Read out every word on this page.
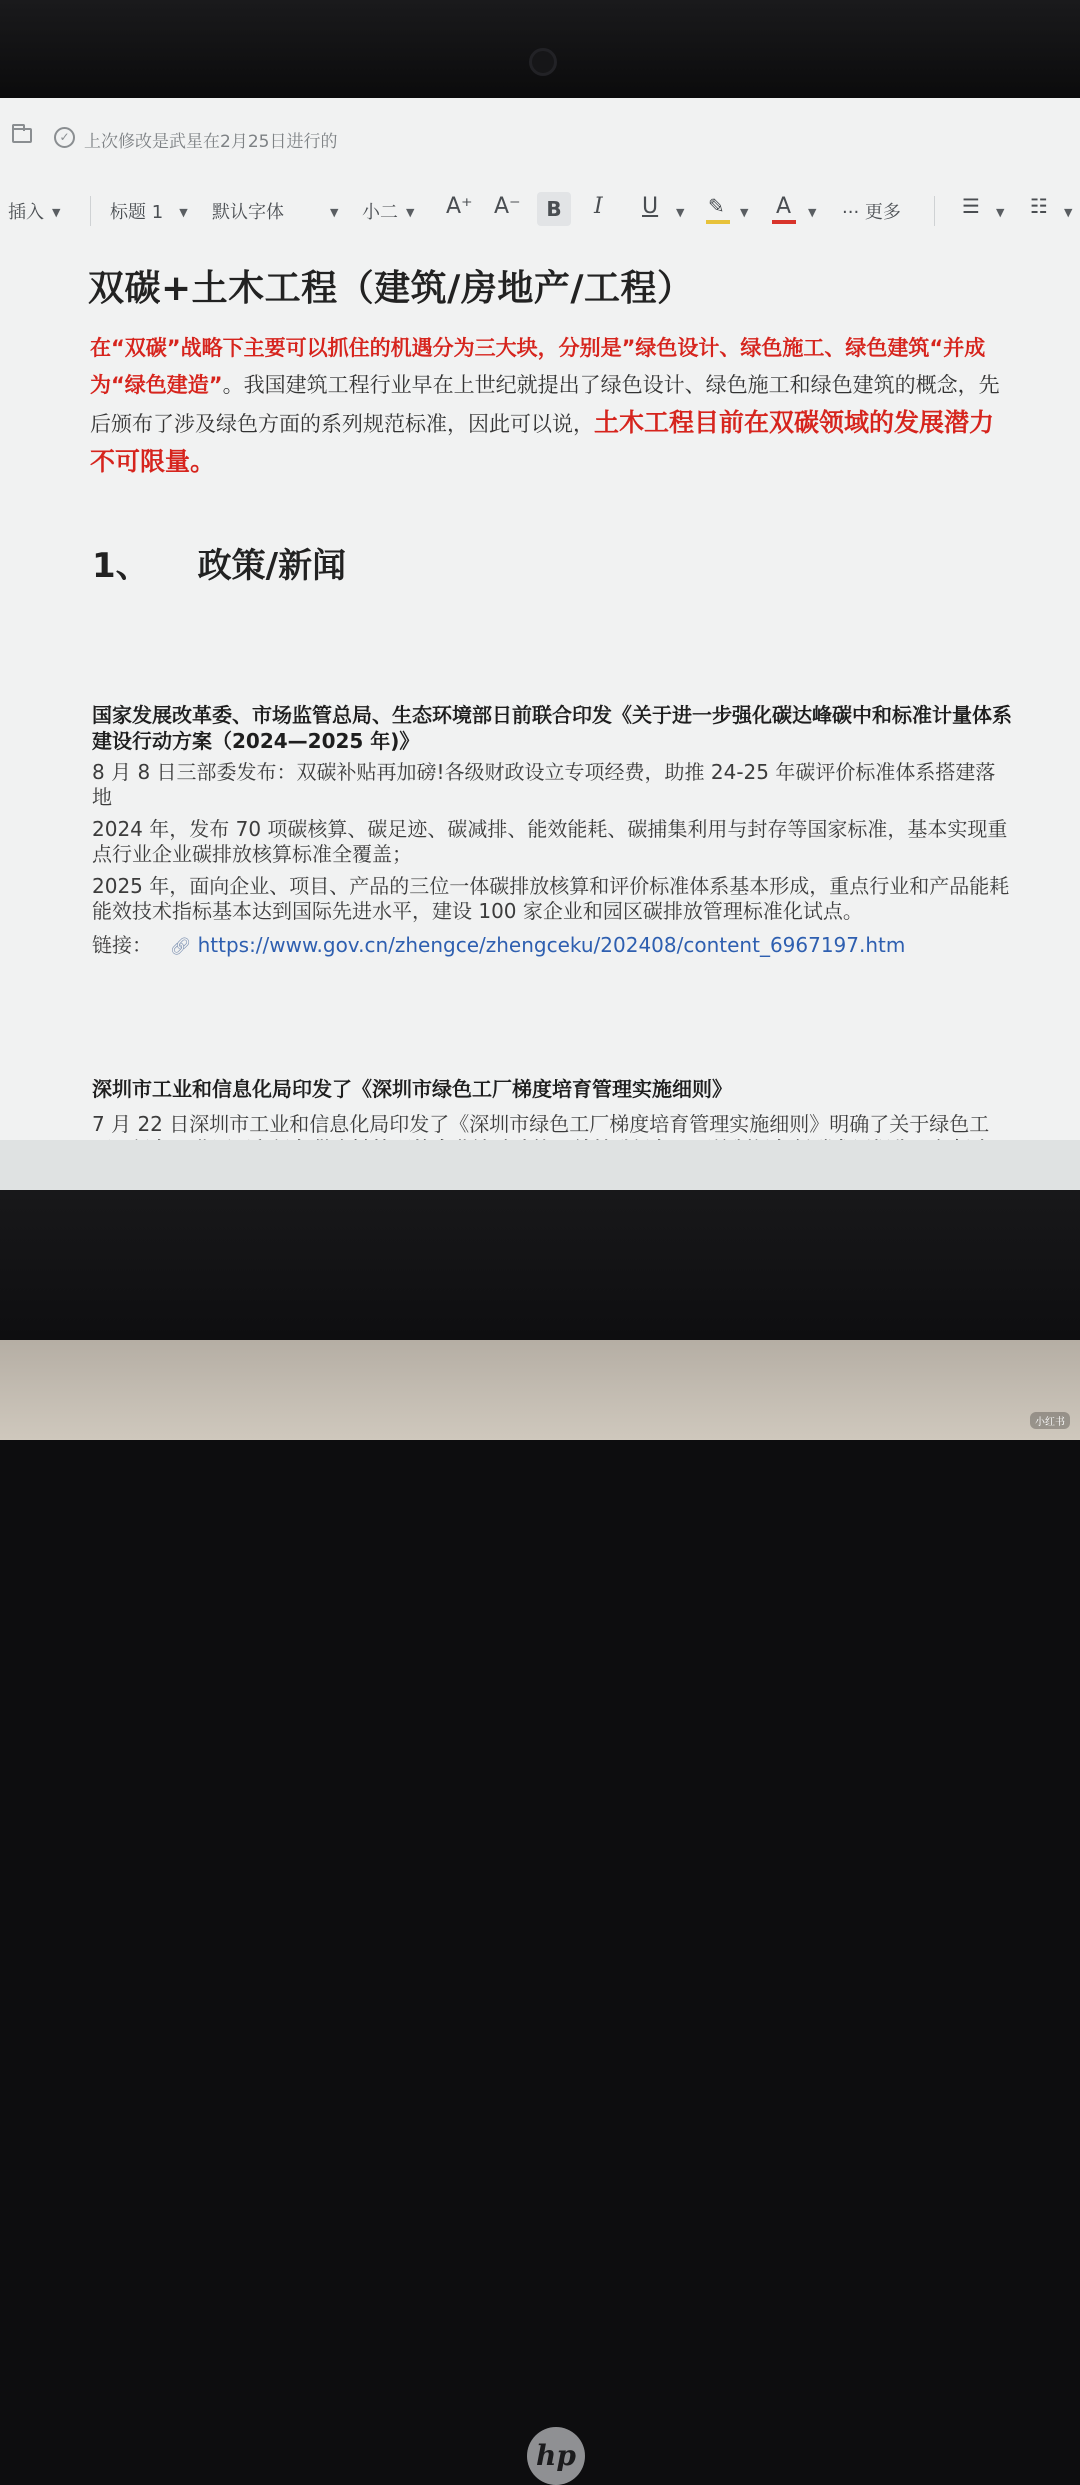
✓ 上次修改是武星在2月25日进行的
插入 ▼	标题 1 ▼ 默认字体	▼ 小二 ▼ A⁺ A⁻	B	I U ▼ ✎ ▼ A ▼ ··· 更多	☰ ▼ ☷ ▼
双碳+土木工程（建筑/房地产/工程）
在“双碳”战略下主要可以抓住的机遇分为三大块，分别是”绿色设计、绿色施工、绿色建筑“并成为“绿色建造”。我国建筑工程行业早在上世纪就提出了绿色设计、绿色施工和绿色建筑的概念，先后颁布了涉及绿色方面的系列规范标准，因此可以说，土木工程目前在双碳领域的发展潜力不可限量。
1、 政策/新闻
国家发展改革委、市场监管总局、生态环境部日前联合印发《关于进一步强化碳达峰碳中和标准计量体系建设行动方案（2024—2025 年)》
8 月 8 日三部委发布：双碳补贴再加磅!各级财政设立专项经费，助推 24-25 年碳评价标准体系搭建落地
2024 年，发布 70 项碳核算、碳足迹、碳减排、能效能耗、碳捕集利用与封存等国家标准，基本实现重点行业企业碳排放核算标准全覆盖；
2025 年，面向企业、项目、产品的三位一体碳排放核算和评价标准体系基本形成，重点行业和产品能耗能效技术指标基本达到国际先进水平，建设 100 家企业和园区碳排放管理标准化试点。
链接： 🔗︎ https://www.gov.cn/zhengce/zhengceku/202408/content_6967197.htm
深圳市工业和信息化局印发了《深圳市绿色工厂梯度培育管理实施细则》
7 月 22 日深圳市工业和信息化局印发了《深圳市绿色工厂梯度培育管理实施细则》明确了关于绿色工
hp
小红书
